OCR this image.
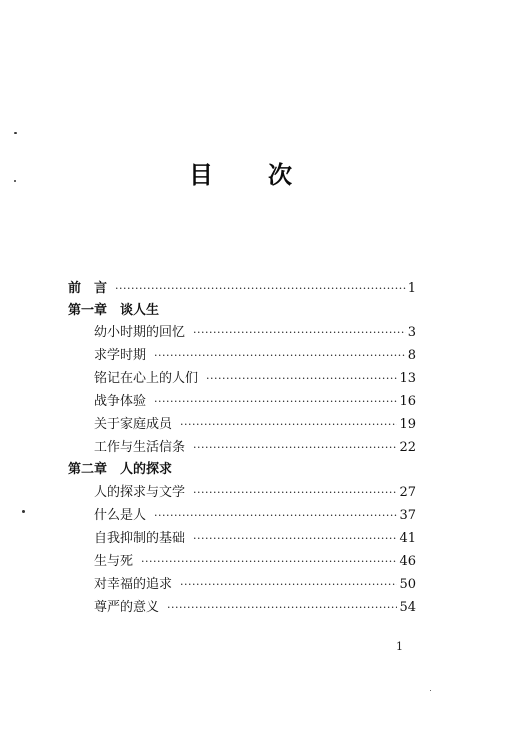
目 次
前　言 ·····	1
第一章　谈人生
幼小时期的回忆 ·····	3
求学时期 ·····	8
铭记在心上的人们 ·····	13
战争体验 ·····	16
关于家庭成员 ·····	19
工作与生活信条 ·····	22
第二章　人的探求
人的探求与文学 ·····	27
什么是人 ·····	37
自我抑制的基础 ·····	41
生与死 ·····	46
对幸福的追求 ·····	50
尊严的意义 ·····	54
1
